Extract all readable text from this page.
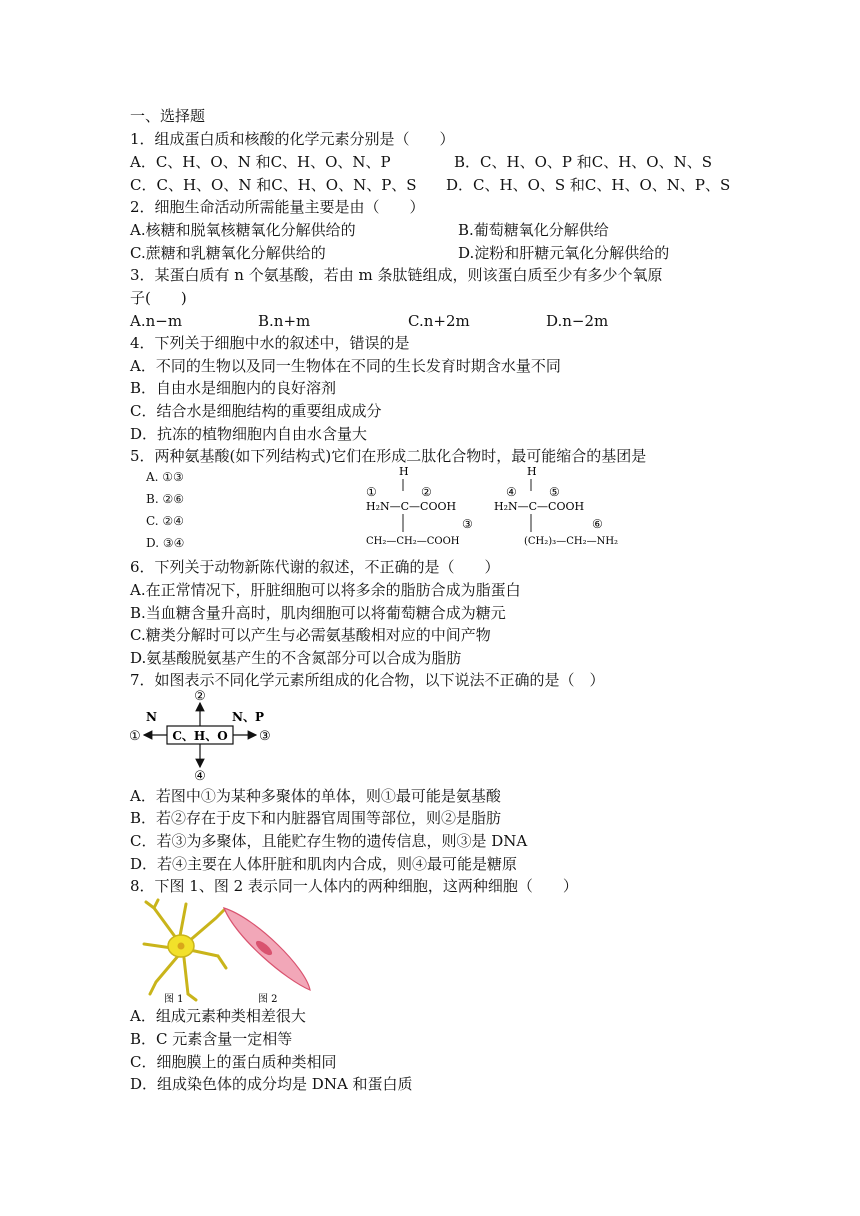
一、选择题
1．组成蛋白质和核酸的化学元素分别是（　　）
A．C、H、O、N 和C、H、O、N、P	B．C、H、O、P 和C、H、O、N、S
C．C、H、O、N 和C、H、O、N、P、S D．C、H、O、S 和C、H、O、N、P、S
2．细胞生命活动所需能量主要是由（　　）
A.核糖和脱氧核糖氧化分解供给的	B.葡萄糖氧化分解供给
C.蔗糖和乳糖氧化分解供给的	D.淀粉和肝糖元氧化分解供给的
3．某蛋白质有 n 个氨基酸，若由 m 条肽链组成，则该蛋白质至少有多少个氧原
子(　　)
A.n−m	B.n+m	C.n+2m	D.n−2m
4．下列关于细胞中水的叙述中，错误的是
A．不同的生物以及同一生物体在不同的生长发育时期含水量不同
B．自由水是细胞内的良好溶剂
C．结合水是细胞结构的重要组成成分
D．抗冻的植物细胞内自由水含量大
5．两种氨基酸(如下列结构式)它们在形成二肽化合物时，最可能缩合的基团是
A. ①③
B. ②⑥
C. ②④
D. ③④
H
①	②
H₂N—C—COOH
③
CH₂—CH₂—COOH
H
④	⑤
H₂N—C—COOH
⑥
(CH₂)₃—CH₂—NH₂
6．下列关于动物新陈代谢的叙述，不正确的是（　　）
A.在正常情况下，肝脏细胞可以将多余的脂肪合成为脂蛋白
B.当血糖含量升高时，肌肉细胞可以将葡萄糖合成为糖元
C.糖类分解时可以产生与必需氨基酸相对应的中间产物
D.氨基酸脱氨基产生的不含氮部分可以合成为脂肪
7．如图表示不同化学元素所组成的化合物，以下说法不正确的是（　）
C、H、O
②
④
①	③
N	N、P
A．若图中①为某种多聚体的单体，则①最可能是氨基酸
B．若②存在于皮下和内脏器官周围等部位，则②是脂肪
C．若③为多聚体，且能贮存生物的遗传信息，则③是 DNA
D．若④主要在人体肝脏和肌肉内合成，则④最可能是糖原
8．下图 1、图 2 表示同一人体内的两种细胞，这两种细胞（　　）
图 1	图 2
A．组成元素种类相差很大
B．C 元素含量一定相等
C．细胞膜上的蛋白质种类相同
D．组成染色体的成分均是 DNA 和蛋白质
